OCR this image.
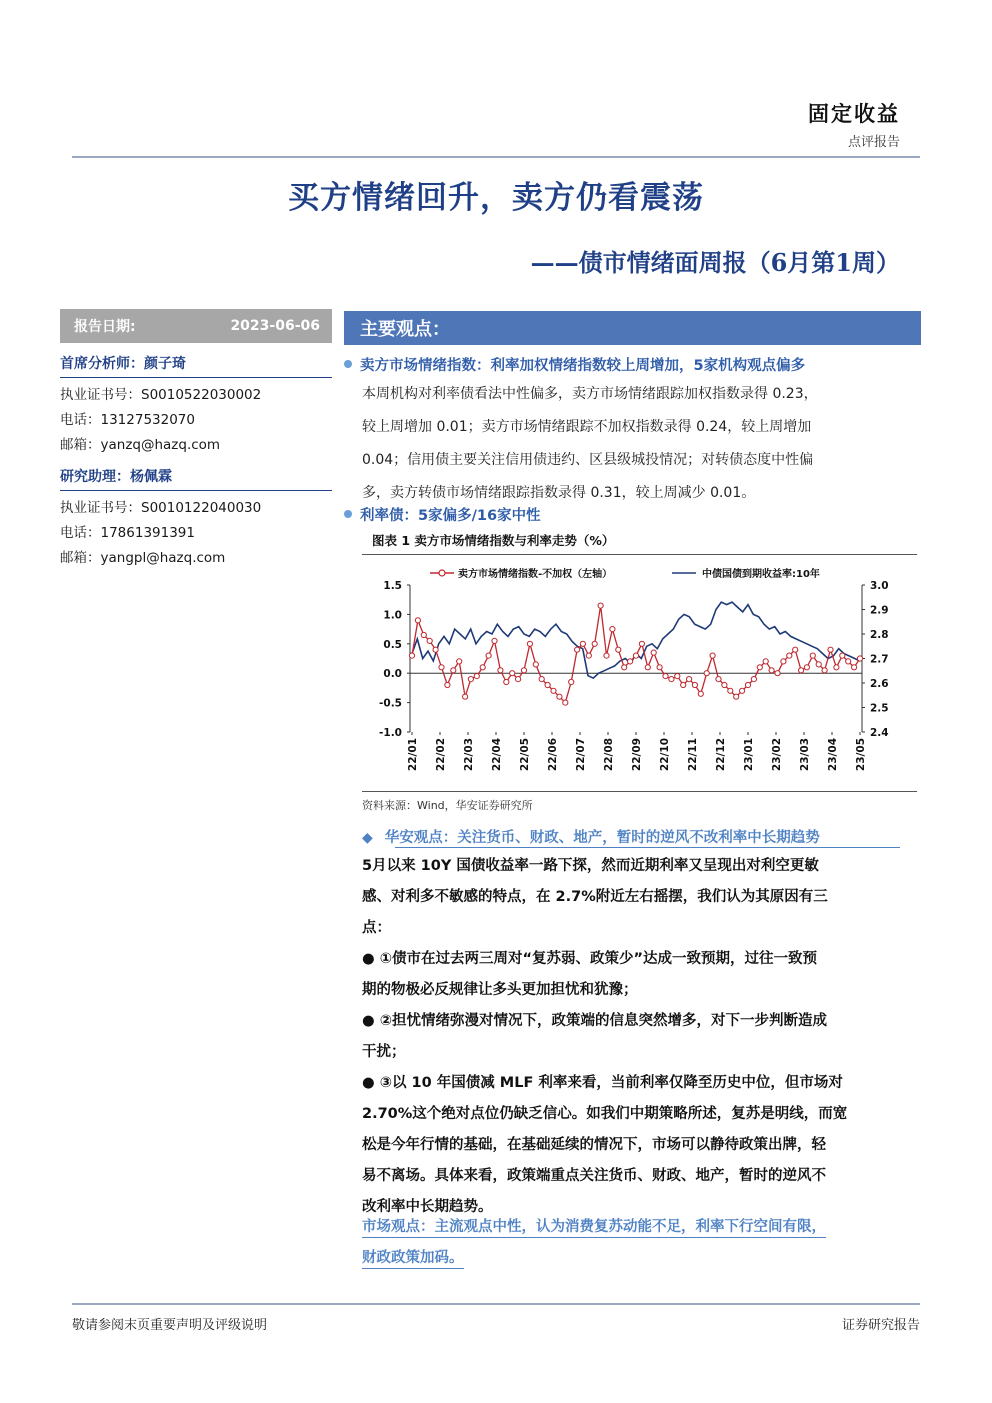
固定收益
点评报告
买方情绪回升，卖方仍看震荡
——债市情绪面周报（6月第1周）
报告日期:	2023-06-06
首席分析师：颜子琦
执业证书号：S0010522030002
电话：13127532070
邮箱：yanzq@hazq.com
研究助理：杨佩霖
执业证书号：S0010122040030
电话：17861391391
邮箱：yangpl@hazq.com
主要观点：
卖方市场情绪指数：利率加权情绪指数较上周增加，5家机构观点偏多
本周机构对利率债看法中性偏多，卖方市场情绪跟踪加权指数录得 0.23，
较上周增加 0.01；卖方市场情绪跟踪不加权指数录得 0.24，较上周增加
0.04；信用债主要关注信用债违约、区县级城投情况；对转债态度中性偏
多，卖方转债市场情绪跟踪指数录得 0.31，较上周减少 0.01。
利率债：5家偏多/16家中性
图表 1 卖方市场情绪指数与利率走势（%）
卖方市场情绪指数-不加权（左轴）	中债国债到期收益率:10年
1.5
1.0
0.5
0.0
-0.5
-1.0
3.0
2.9
2.8
2.7
2.6
2.5
2.4
22/01 22/02 22/03 22/04 22/05 22/06 22/07 22/08 22/09 22/10 22/11 22/12 23/01 23/02 23/03 23/04 23/05
资料来源：Wind，华安证券研究所
◆ 华安观点：关注货币、财政、地产，暂时的逆风不改利率中长期趋势

5月以来 10Y 国债收益率一路下探，然而近期利率又呈现出对利空更敏

感、对利多不敏感的特点，在 2.7%附近左右摇摆，我们认为其原因有三

点：

● ①债市在过去两三周对“复苏弱、政策少”达成一致预期，过往一致预

期的物极必反规律让多头更加担忧和犹豫；

● ②担忧情绪弥漫对情况下，政策端的信息突然增多，对下一步判断造成

干扰；

● ③以 10 年国债减 MLF 利率来看，当前利率仅降至历史中位，但市场对

2.70%这个绝对点位仍缺乏信心。如我们中期策略所述，复苏是明线，而宽

松是今年行情的基础，在基础延续的情况下，市场可以静待政策出牌，轻

易不离场。具体来看，政策端重点关注货币、财政、地产，暂时的逆风不

改利率中长期趋势。

市场观点：主流观点中性，认为消费复苏动能不足，利率下行空间有限，

财政政策加码。

敬请参阅末页重要声明及评级说明	证券研究报告
